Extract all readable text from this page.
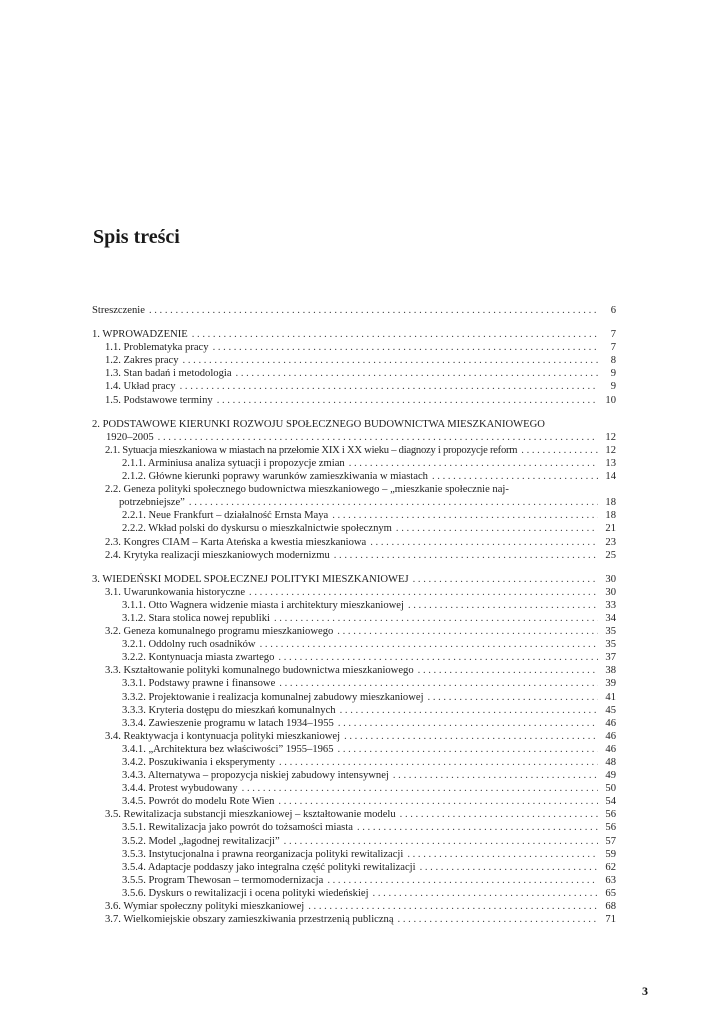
Spis treści
Streszczenie . . .	6
1. WPROWADZENIE . . .	7
1.1. Problematyka pracy . . .	7
1.2. Zakres pracy . . .	8
1.3. Stan badań i metodologia . . .	9
1.4. Układ pracy . . .	9
1.5. Podstawowe terminy . . .	10
2. PODSTAWOWE KIERUNKI ROZWOJU SPOŁECZNEGO BUDOWNICTWA MIESZKANIOWEGO
1920–2005 . . .	12
2.1. Sytuacja mieszkaniowa w miastach na przełomie XIX i XX wieku – diagnozy i propozycje reform . . .	12
2.1.1. Arminiusa analiza sytuacji i propozycje zmian . . .	13
2.1.2. Główne kierunki poprawy warunków zamieszkiwania w miastach . . .	14
2.2. Geneza polityki społecznego budownictwa mieszkaniowego – „mieszkanie społecznie naj-
potrzebniejsze” . . .	18
2.2.1. Neue Frankfurt – działalność Ernsta Maya . . .	18
2.2.2. Wkład polski do dyskursu o mieszkalnictwie społecznym . . .	21
2.3. Kongres CIAM – Karta Ateńska a kwestia mieszkaniowa . . .	23
2.4. Krytyka realizacji mieszkaniowych modernizmu . . .	25
3. WIEDEŃSKI MODEL SPOŁECZNEJ POLITYKI MIESZKANIOWEJ . . .	30
3.1. Uwarunkowania historyczne . . .	30
3.1.1. Otto Wagnera widzenie miasta i architektury mieszkaniowej . . .	33
3.1.2. Stara stolica nowej republiki . . .	34
3.2. Geneza komunalnego programu mieszkaniowego . . .	35
3.2.1. Oddolny ruch osadników . . .	35
3.2.2. Kontynuacja miasta zwartego . . .	37
3.3. Kształtowanie polityki komunalnego budownictwa mieszkaniowego . . .	38
3.3.1. Podstawy prawne i finansowe . . .	39
3.3.2. Projektowanie i realizacja komunalnej zabudowy mieszkaniowej . . .	41
3.3.3. Kryteria dostępu do mieszkań komunalnych . . .	45
3.3.4. Zawieszenie programu w latach 1934–1955 . . .	46
3.4. Reaktywacja i kontynuacja polityki mieszkaniowej . . .	46
3.4.1. „Architektura bez właściwości” 1955–1965 . . .	46
3.4.2. Poszukiwania i eksperymenty . . .	48
3.4.3. Alternatywa – propozycja niskiej zabudowy intensywnej . . .	49
3.4.4. Protest wybudowany . . .	50
3.4.5. Powrót do modelu Rote Wien . . .	54
3.5. Rewitalizacja substancji mieszkaniowej – kształtowanie modelu . . .	56
3.5.1. Rewitalizacja jako powrót do tożsamości miasta . . .	56
3.5.2. Model „łagodnej rewitalizacji” . . .	57
3.5.3. Instytucjonalna i prawna reorganizacja polityki rewitalizacji . . .	59
3.5.4. Adaptacje poddaszy jako integralna część polityki rewitalizacji . . .	62
3.5.5. Program Thewosan – termomodernizacja . . .	63
3.5.6. Dyskurs o rewitalizacji i ocena polityki wiedeńskiej . . .	65
3.6. Wymiar społeczny polityki mieszkaniowej . . .	68
3.7. Wielkomiejskie obszary zamieszkiwania przestrzenią publiczną . . .	71
3
